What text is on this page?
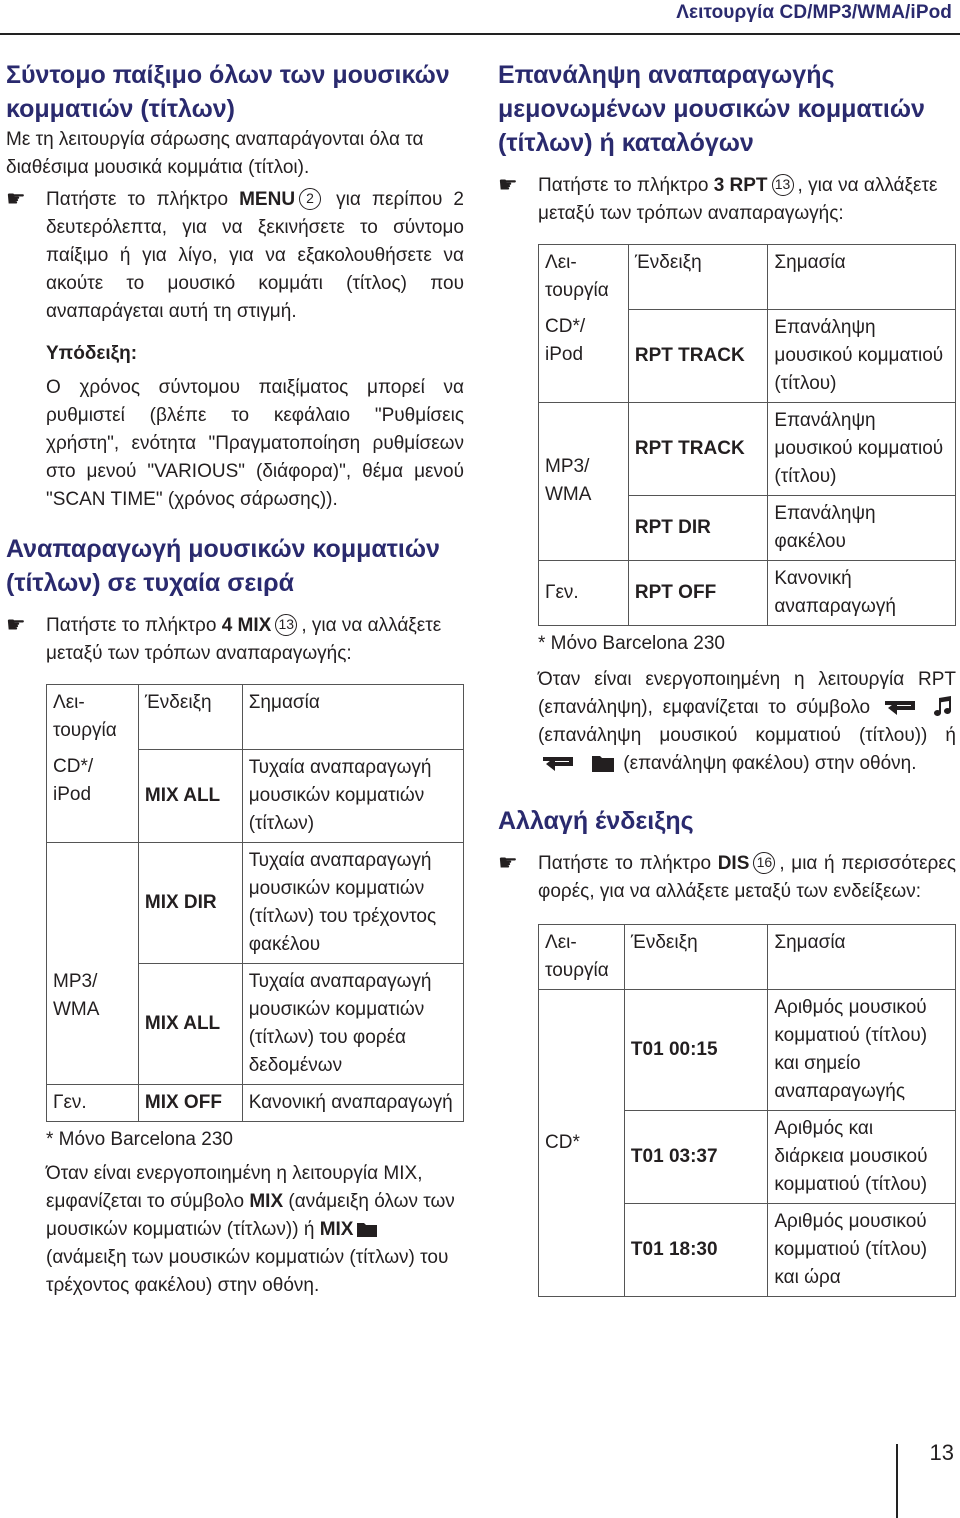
Λειτουργία CD/MP3/WMA/iPod
Σύντομο παίξιμο όλων των μουσικών κομματιών (τίτλων)

Με τη λειτουργία σάρωσης αναπαράγονται όλα τα διαθέσιμα μουσικά κομμάτια (τίτλοι).

☛ Πατήστε το πλήκτρο MENU 2 για περίπου 2 δευτερόλεπτα, για να ξεκινήσετε το σύντομο παίξιμο ή για λίγο, για να εξακολουθήσετε να ακούτε το μουσικό κομμάτι (τίτλος) που αναπαράγεται αυτή τη στιγμή.
Υπόδειξη:

Ο χρόνος σύντομου παιξίματος μπορεί να ρυθμιστεί (βλέπε το κεφάλαιο "Ρυθμίσεις χρήστη", ενότητα "Πραγματοποίηση ρυθμίσεων στο μενού "VARIOUS" (διάφορα)", θέμα μενού "SCAN TIME" (χρόνος σάρωσης)).

Αναπαραγωγή μουσικών κομματιών (τίτλων) σε τυχαία σειρά
☛ Πατήστε το πλήκτρο 4 MIX 13 , για να αλλάξετε μεταξύ των τρόπων αναπαραγωγής:
Λει-τουργία	Ένδειξη	Σημασία
CD*/ iPod	MIX ALL	Τυχαία αναπαραγωγή μουσικών κομματιών (τίτλων)
MP3/ WMA	MIX DIR	Τυχαία αναπαραγωγή μουσικών κομματιών (τίτλων) του τρέχοντος φακέλου
	MIX ALL	Τυχαία αναπαραγωγή μουσικών κομματιών (τίτλων) του φορέα δεδομένων
Γεν.	MIX OFF	Κανονική αναπαραγωγή

* Μόνο Barcelona 230

Όταν είναι ενεργοποιημένη η λειτουργία MIX, εμφανίζεται το σύμβολο MIX (ανάμειξη όλων των μουσικών κομματιών (τίτλων)) ή MIX (ανάμειξη των μουσικών κομματιών (τίτλων) του τρέχοντος φακέλου) στην οθόνη.

Επανάληψη αναπαραγωγής μεμονωμένων μουσικών κομματιών (τίτλων) ή καταλόγων
☛ Πατήστε το πλήκτρο 3 RPT 13 , για να αλλάξετε μεταξύ των τρόπων αναπαραγωγής:
Λει-τουργία	Ένδειξη	Σημασία
CD*/ iPod	RPT TRACK	Επανάληψη μουσικού κομματιού (τίτλου)
MP3/ WMA	RPT TRACK	Επανάληψη μουσικού κομματιού (τίτλου)
	RPT DIR	Επανάληψη φακέλου
Γεν.	RPT OFF	Κανονική αναπαραγωγή

* Μόνο Barcelona 230

Όταν είναι ενεργοποιημένη η λειτουργία RPT (επανάληψη), εμφανίζεται το σύμβολο  (επανάληψη μουσικού κομματιού (τίτλου)) ή  (επανάληψη φακέλου) στην οθόνη.

Αλλαγή ένδειξης
☛ Πατήστε το πλήκτρο DIS 16 , μια ή περισσότερες φορές, για να αλλάξετε μεταξύ των ενδείξεων:
Λει-τουργία	Ένδειξη	Σημασία
CD*	T01 00:15	Αριθμός μουσικού κομματιού (τίτλου) και σημείο αναπαραγωγής
	T01 03:37	Αριθμός και διάρκεια μουσικού κομματιού (τίτλου)
	T01 18:30	Αριθμός μουσικού κομματιού (τίτλου) και ώρα
13
